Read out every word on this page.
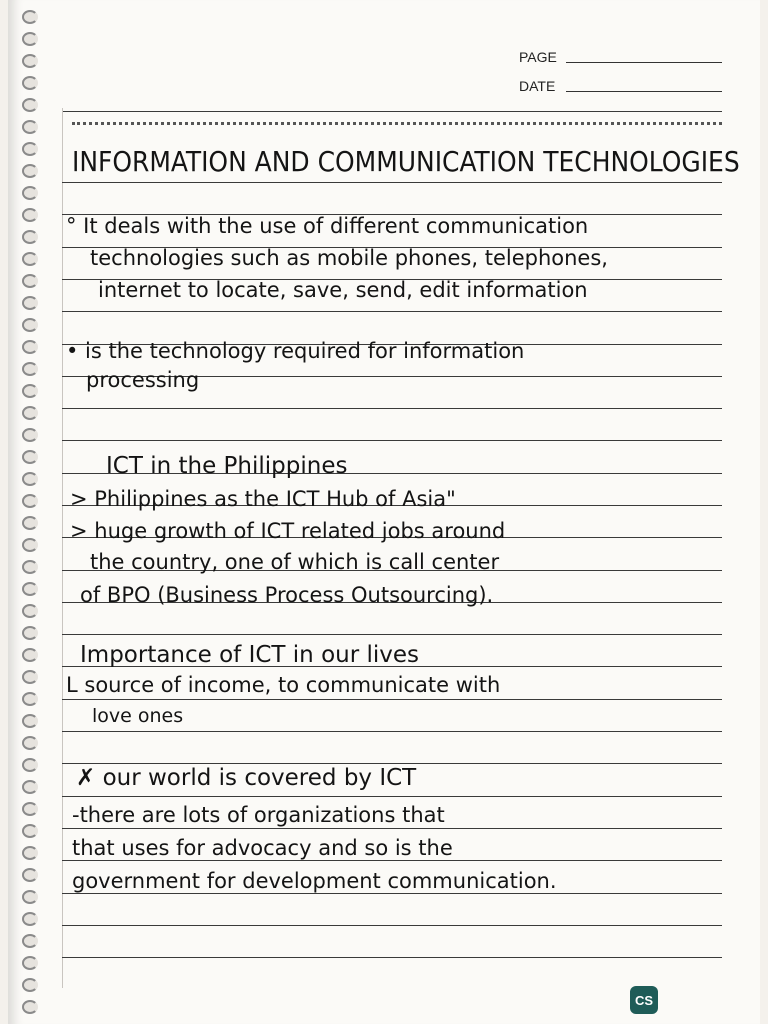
PAGE
DATE
INFORMATION AND COMMUNICATION TECHNOLOGIES
° It deals with the use of different communication
technologies such as mobile phones, telephones,
internet to locate, save, send, edit information
• is the technology required for information
processing
ICT in the Philippines
> Philippines as the ICT Hub of Asia"
> huge growth of ICT related jobs around
the country, one of which is call center
of BPO (Business Process Outsourcing).
Importance of ICT in our lives
L source of income, to communicate with
love ones
✗ our world is covered by ICT
-there are lots of organizations that
that uses for advocacy and so is the
government for development communication.
CS
